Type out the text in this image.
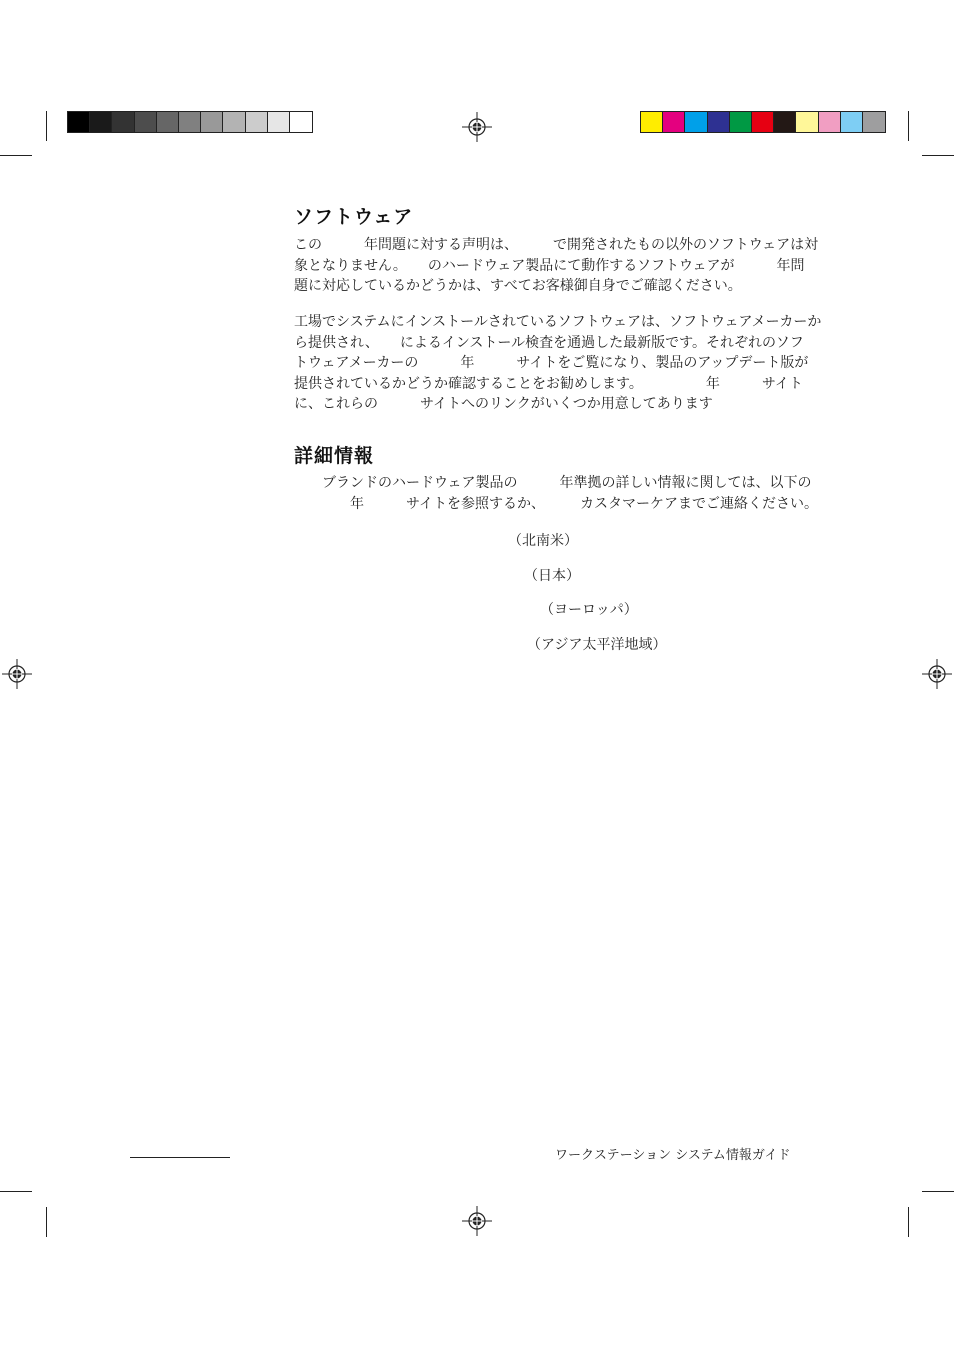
ソフトウェア
この　　　年問題に対する声明は、　　　で開発されたもの以外のソフトウェアは対
象となりません。　　のハードウェア製品にて動作するソフトウェアが　　　年問
題に対応しているかどうかは、すべてお客様御自身でご確認ください。
工場でシステムにインストールされているソフトウェアは、ソフトウェアメーカーか
ら提供され、　　によるインストール検査を通過した最新版です。それぞれのソフ
トウェアメーカーの　　　年　　　サイトをご覧になり、製品のアップデート版が
提供されているかどうか確認することをお勧めします。　　　　　年　　　サイト
に、これらの　　　サイトへのリンクがいくつか用意してあります
詳細情報
　　ブランドのハードウェア製品の　　　年準拠の詳しい情報に関しては、以下の
　　　　年　　　サイトを参照するか、　　　カスタマーケアまでご連絡ください。
（北南米）
（日本）
（ヨーロッパ）
（アジア太平洋地域）
ワークステーション システム情報ガイド
